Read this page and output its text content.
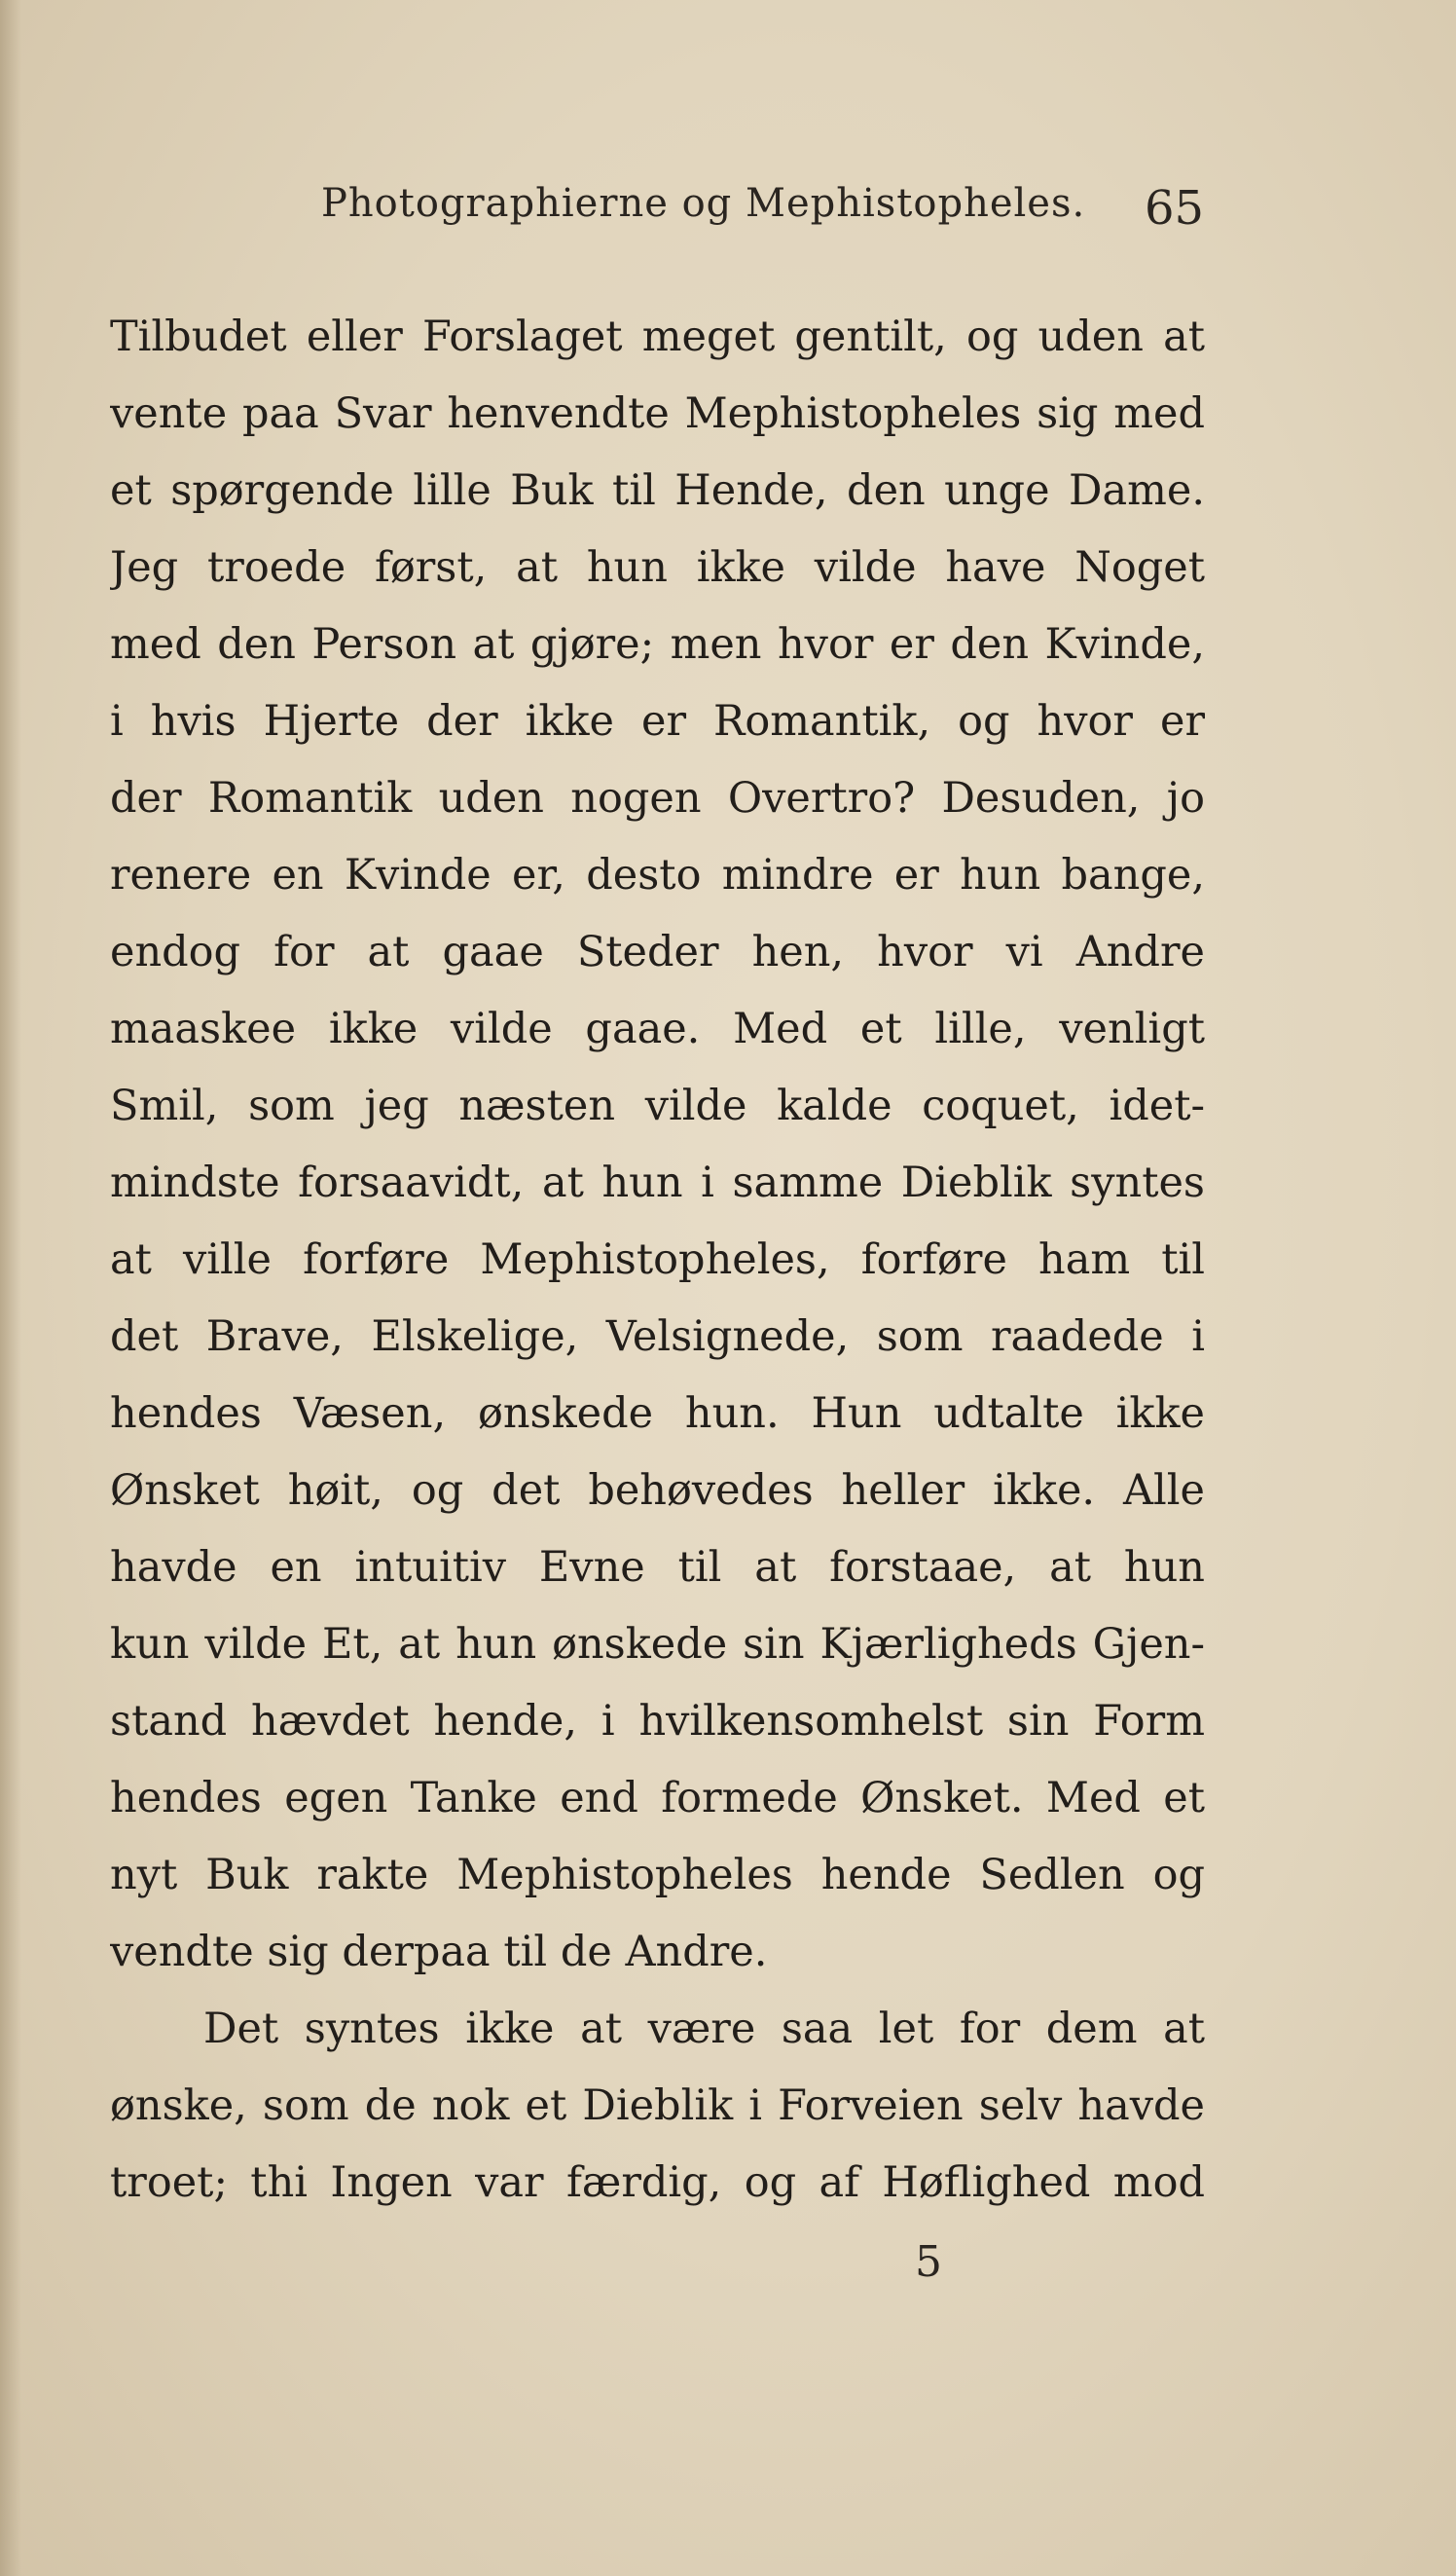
Photographierne og Mephistopheles. 65
Tilbudet eller Forslaget meget gentilt, og uden at
vente paa Svar henvendte Mephistopheles sig med
et spørgende lille Buk til Hende, den unge Dame.
Jeg troede først, at hun ikke vilde have Noget
med den Person at gjøre; men hvor er den Kvinde,
i hvis Hjerte der ikke er Romantik, og hvor er
der Romantik uden nogen Overtro? Desuden, jo
renere en Kvinde er, desto mindre er hun bange,
endog for at gaae Steder hen, hvor vi Andre
maaskee ikke vilde gaae. Med et lille, venligt
Smil, som jeg næsten vilde kalde coquet, idet-
mindste forsaavidt, at hun i samme Dieblik syntes
at ville forføre Mephistopheles, forføre ham til
det Brave, Elskelige, Velsignede, som raadede i
hendes Væsen, ønskede hun. Hun udtalte ikke
Ønsket høit, og det behøvedes heller ikke. Alle
havde en intuitiv Evne til at forstaae, at hun
kun vilde Et, at hun ønskede sin Kjærligheds Gjen-
stand hævdet hende, i hvilkensomhelst sin Form
hendes egen Tanke end formede Ønsket. Med et
nyt Buk rakte Mephistopheles hende Sedlen og
vendte sig derpaa til de Andre.
Det syntes ikke at være saa let for dem at
ønske, som de nok et Dieblik i Forveien selv havde
troet; thi Ingen var færdig, og af Høflighed mod
5
